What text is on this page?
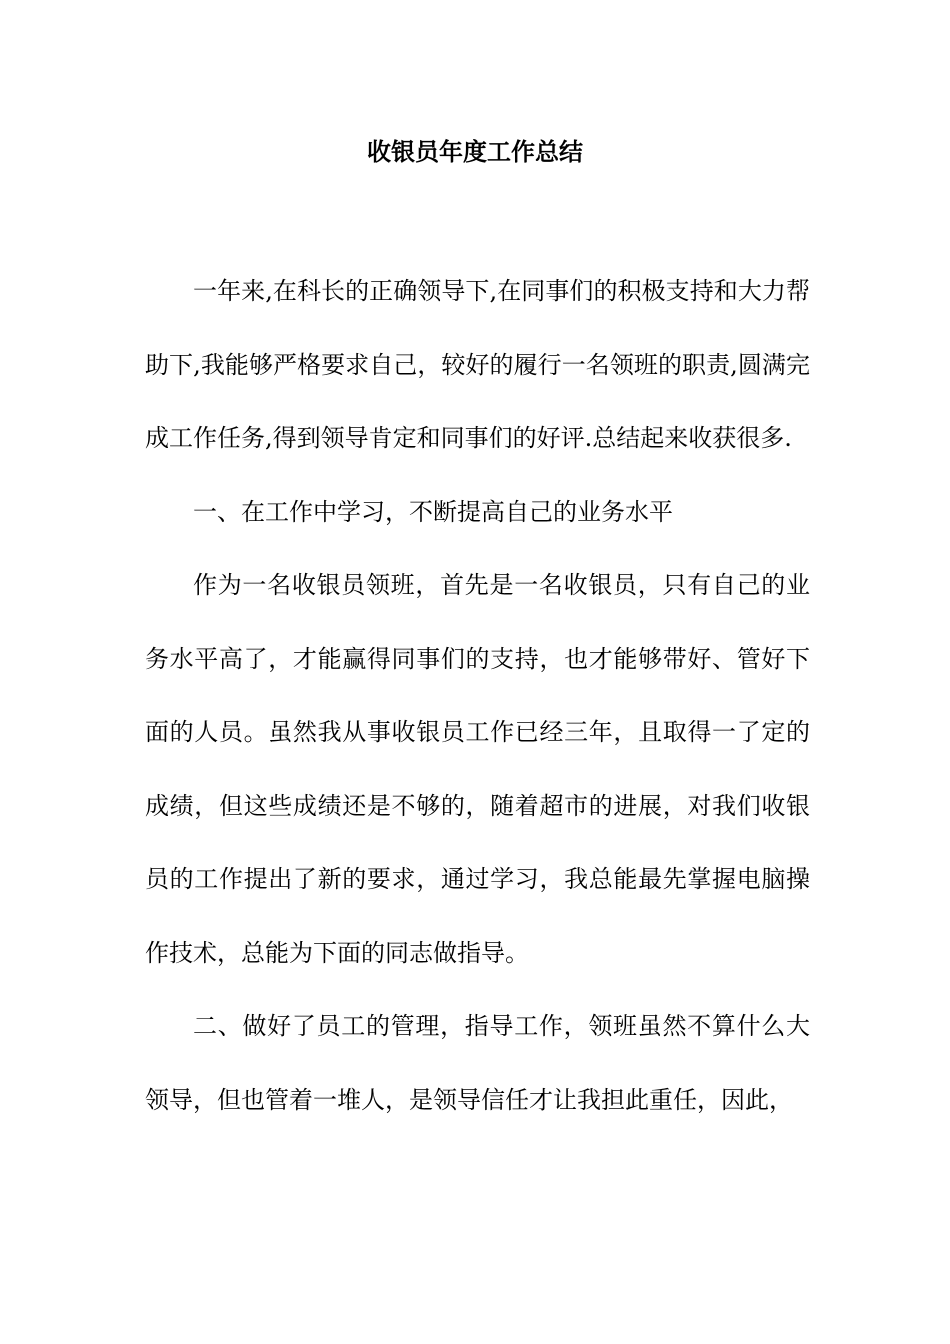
收银员年度工作总结

一年来,在科长的正确领导下,在同事们的积极支持和大力帮助下,我能够严格要求自己，较好的履行一名领班的职责,圆满完成工作任务,得到领导肯定和同事们的好评.总结起来收获很多.

一、在工作中学习，不断提高自己的业务水平

作为一名收银员领班，首先是一名收银员，只有自己的业务水平高了，才能赢得同事们的支持，也才能够带好、管好下面的人员。虽然我从事收银员工作已经三年，且取得一了定的成绩，但这些成绩还是不够的，随着超市的进展，对我们收银员的工作提出了新的要求，通过学习，我总能最先掌握电脑操作技术，总能为下面的同志做指导。

二、做好了员工的管理，指导工作，领班虽然不算什么大领导，但也管着一堆人，是领导信任才让我担此重任，因此，
